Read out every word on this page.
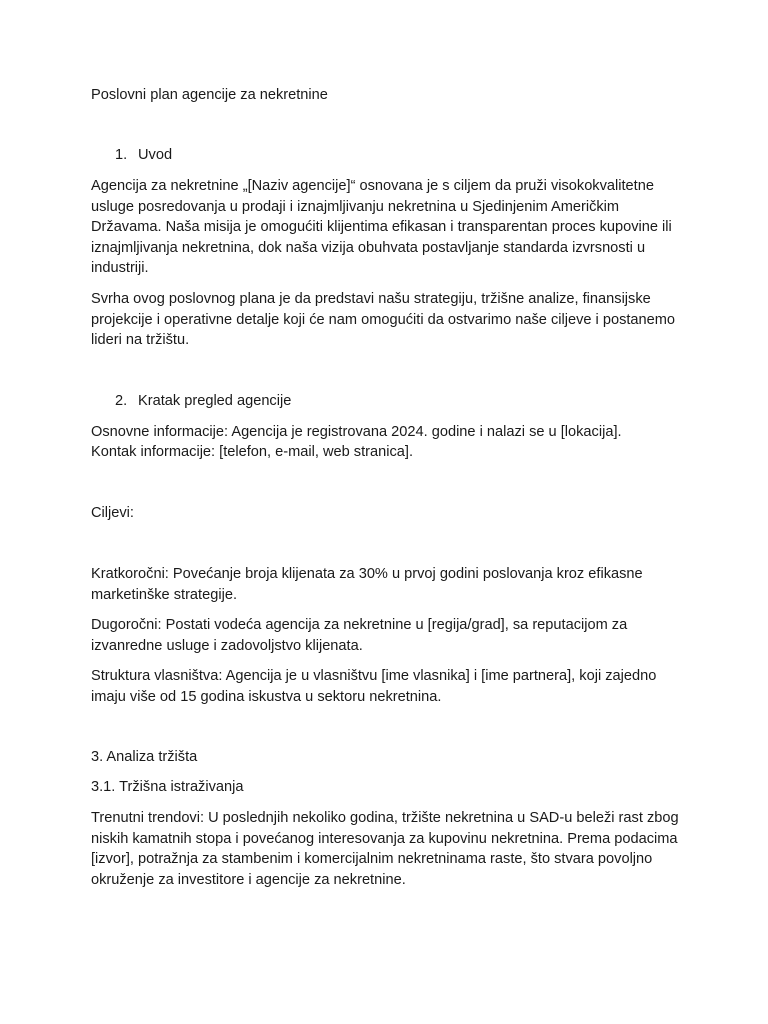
Poslovni plan agencije za nekretnine

1. Uvod

Agencija za nekretnine „[Naziv agencije]“ osnovana je s ciljem da pruži visokokvalitetne usluge posredovanja u prodaji i iznajmljivanju nekretnina u Sjedinjenim Američkim Državama. Naša misija je omogućiti klijentima efikasan i transparentan proces kupovine ili iznajmljivanja nekretnina, dok naša vizija obuhvata postavljanje standarda izvrsnosti u industriji.

Svrha ovog poslovnog plana je da predstavi našu strategiju, tržišne analize, finansijske projekcije i operativne detalje koji će nam omogućiti da ostvarimo naše ciljeve i postanemo lideri na tržištu.

2. Kratak pregled agencije

Osnovne informacije: Agencija je registrovana 2024. godine i nalazi se u [lokacija].

Kontak informacije: [telefon, e-mail, web stranica].

Ciljevi:

Kratkoročni: Povećanje broja klijenata za 30% u prvoj godini poslovanja kroz efikasne marketinške strategije.

Dugoročni: Postati vodeća agencija za nekretnine u [regija/grad], sa reputacijom za izvanredne usluge i zadovoljstvo klijenata.

Struktura vlasništva: Agencija je u vlasništvu [ime vlasnika] i [ime partnera], koji zajedno imaju više od 15 godina iskustva u sektoru nekretnina.

3. Analiza tržišta

3.1. Tržišna istraživanja

Trenutni trendovi: U poslednjih nekoliko godina, tržište nekretnina u SAD-u beleži rast zbog niskih kamatnih stopa i povećanog interesovanja za kupovinu nekretnina. Prema podacima [izvor], potražnja za stambenim i komercijalnim nekretninama raste, što stvara povoljno okruženje za investitore i agencije za nekretnine.
